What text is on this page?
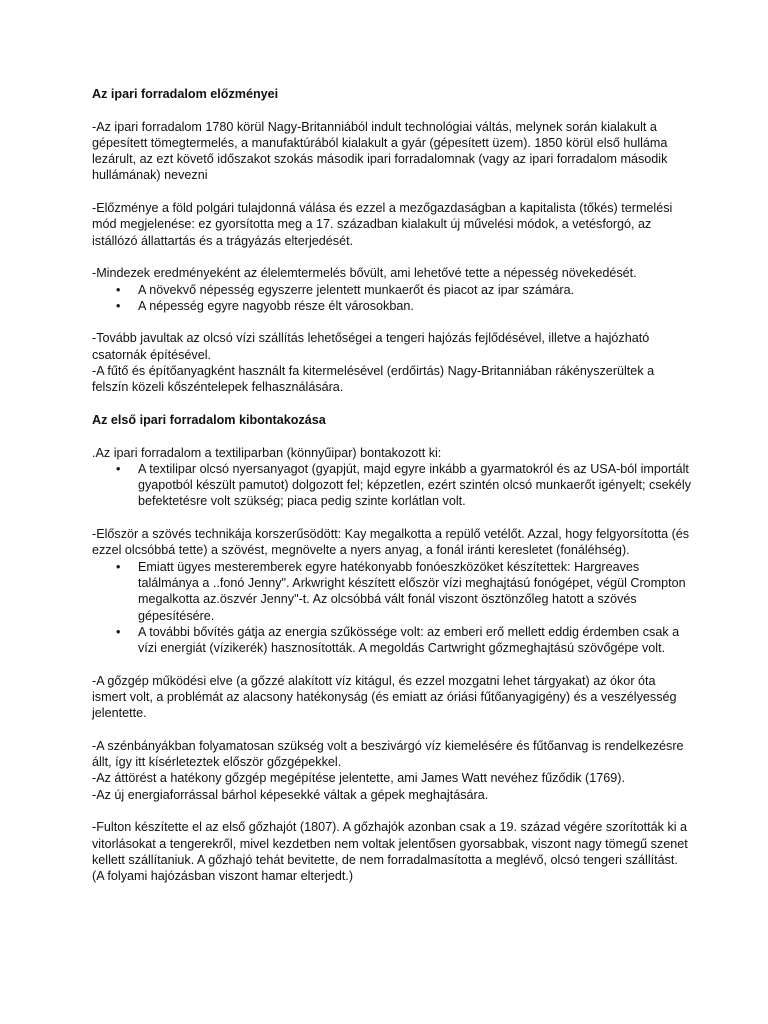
Az ipari forradalom előzményei

-Az ipari forradalom 1780 körül Nagy-Britanniából indult technológiai váltás, melynek során kialakult a gépesített tömegtermelés, a manufaktúrából kialakult a gyár (gépesített üzem). 1850 körül első hulláma lezárult, az ezt követő időszakot szokás második ipari forradalomnak (vagy az ipari forradalom második hullámának) nevezni

-Előzménye a föld polgári tulajdonná válása és ezzel a mezőgazdaságban a kapitalista (tőkés) termelési mód megjelenése: ez gyorsította meg a 17. században kialakult új művelési módok, a vetésforgó, az istállózó állattartás és a trágyázás elterjedését.

-Mindezek eredményeként az élelemtermelés bővült, ami lehetővé tette a népesség növekedését.

• A növekvő népesség egyszerre jelentett munkaerőt és piacot az ipar számára.
• A népesség egyre nagyobb része élt városokban.

-Tovább javultak az olcsó vízi szállítás lehetőségei a tengeri hajózás fejlődésével, illetve a hajózható csatornák építésével.

-A fűtő és építőanyagként használt fa kitermelésével (erdőirtás) Nagy-Britanniában rákényszerültek a felszín közeli kőszéntelepek felhasználására.

Az első ipari forradalom kibontakozása

.Az ipari forradalom a textiliparban (könnyűipar) bontakozott ki:

• A textilipar olcsó nyersanyagot (gyapjút, majd egyre inkább a gyarmatokról és az USA-ból importált gyapotból készült pamutot) dolgozott fel; képzetlen, ezért szintén olcsó munkaerőt igényelt; csekély befektetésre volt szükség; piaca pedig szinte korlátlan volt.

-Először a szövés technikája korszerűsödött: Kay megalkotta a repülő vetélőt. Azzal, hogy felgyorsította (és ezzel olcsóbbá tette) a szövést, megnövelte a nyers anyag, a fonál iránti keresletet (fonáléhség).

• Emiatt ügyes mesteremberek egyre hatékonyabb fonóeszközöket készítettek: Hargreaves találmánya a ..fonó Jenny". Arkwright készített először vízi meghajtású fonógépet, végül Crompton megalkotta az.öszvér Jenny"-t. Az olcsóbbá vált fonál viszont ösztönzőleg hatott a szövés gépesítésére.
• A további bővítés gátja az energia szűkössége volt: az emberi erő mellett eddig érdemben csak a vízi energiát (vízikerék) hasznosították. A megoldás Cartwright gőzmeghajtású szövőgépe volt.

-A gőzgép működési elve (a gőzzé alakított víz kitágul, és ezzel mozgatni lehet tárgyakat) az ókor óta ismert volt, a problémát az alacsony hatékonyság (és emiatt az óriási fűtőanyagigény) és a veszélyesség jelentette.

-A szénbányákban folyamatosan szükség volt a beszivárgó víz kiemelésére és fűtőanvag is rendelkezésre állt, így itt kísérleteztek először gőzgépekkel.

-Az áttörést a hatékony gőzgép megépítése jelentette, ami James Watt nevéhez fűződik (1769).

-Az új energiaforrással bárhol képesekké váltak a gépek meghajtására.

-Fulton készítette el az első gőzhajót (1807). A gőzhajók azonban csak a 19. század végére szorították ki a vitorlásokat a tengerekről, mivel kezdetben nem voltak jelentősen gyorsabbak, viszont nagy tömegű szenet kellett szállítaniuk. A gőzhajó tehát bevitette, de nem forradalmasította a meglévő, olcsó tengeri szállítást. (A folyami hajózásban viszont hamar elterjedt.)
